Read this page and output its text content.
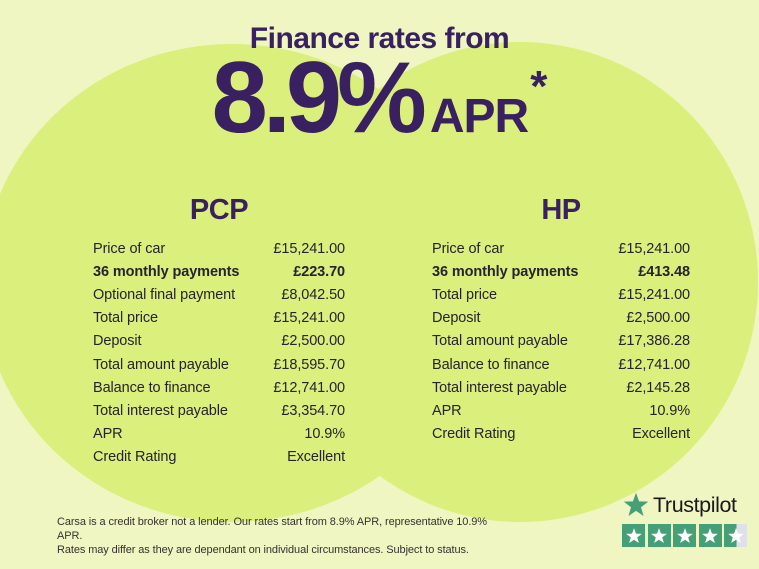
Finance rates from
8.9% APR
*
PCP
Price of car	£15,241.00
36 monthly payments	£223.70
Optional final payment	£8,042.50
Total price	£15,241.00
Deposit	£2,500.00
Total amount payable	£18,595.70
Balance to finance	£12,741.00
Total interest payable	£3,354.70
APR	10.9%
Credit Rating	Excellent
HP
Price of car	£15,241.00
36 monthly payments	£413.48
Total price	£15,241.00
Deposit	£2,500.00
Total amount payable	£17,386.28
Balance to finance	£12,741.00
Total interest payable	£2,145.28
APR	10.9%
Credit Rating	Excellent

Carsa is a credit broker not a lender. Our rates start from 8.9% APR, representative 10.9% APR.
Rates may differ as they are dependant on individual circumstances. Subject to status.

Trustpilot
